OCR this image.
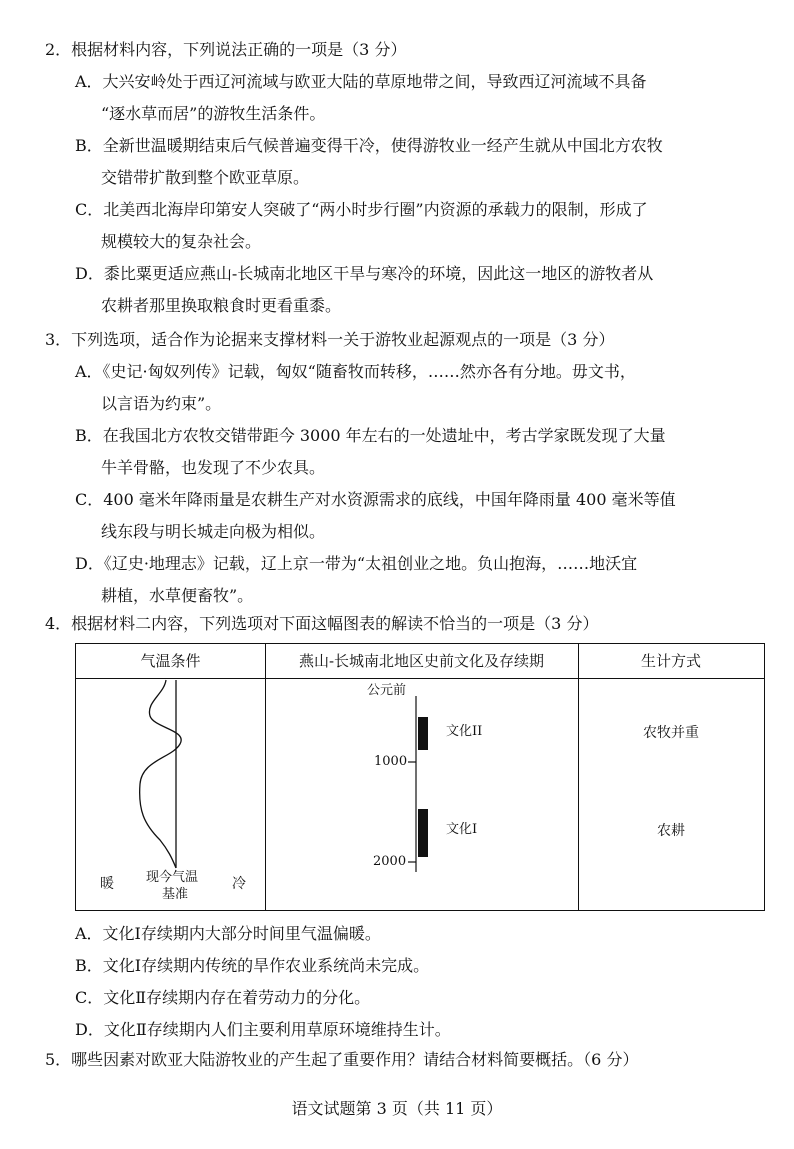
2．根据材料内容，下列说法正确的一项是（3 分）
A．大兴安岭处于西辽河流域与欧亚大陆的草原地带之间，导致西辽河流域不具备
“逐水草而居”的游牧生活条件。
B．全新世温暖期结束后气候普遍变得干冷，使得游牧业一经产生就从中国北方农牧
交错带扩散到整个欧亚草原。
C．北美西北海岸印第安人突破了“两小时步行圈”内资源的承载力的限制，形成了
规模较大的复杂社会。
D．黍比粟更适应燕山-长城南北地区干旱与寒冷的环境，因此这一地区的游牧者从
农耕者那里换取粮食时更看重黍。
3．下列选项，适合作为论据来支撑材料一关于游牧业起源观点的一项是（3 分）
A．《史记·匈奴列传》记载，匈奴“随畜牧而转移，……然亦各有分地。毋文书，
以言语为约束”。
B．在我国北方农牧交错带距今 3000 年左右的一处遗址中，考古学家既发现了大量
牛羊骨骼，也发现了不少农具。
C．400 毫米年降雨量是农耕生产对水资源需求的底线，中国年降雨量 400 毫米等值
线东段与明长城走向极为相似。
D．《辽史·地理志》记载，辽上京一带为“太祖创业之地。负山抱海，……地沃宜
耕植，水草便畜牧”。
4．根据材料二内容，下列选项对下面这幅图表的解读不恰当的一项是（3 分）
气温条件	燕山-长城南北地区史前文化及存续期	生计方式
暖 现今气温
基准
冷
公元前
1000
2000
文化II
文化I
农牧并重
农耕
A．文化Ⅰ存续期内大部分时间里气温偏暖。
B．文化Ⅰ存续期内传统的旱作农业系统尚未完成。
C．文化Ⅱ存续期内存在着劳动力的分化。
D．文化Ⅱ存续期内人们主要利用草原环境维持生计。
5．哪些因素对欧亚大陆游牧业的产生起了重要作用？请结合材料简要概括。（6 分）
语文试题第 3 页（共 11 页）
